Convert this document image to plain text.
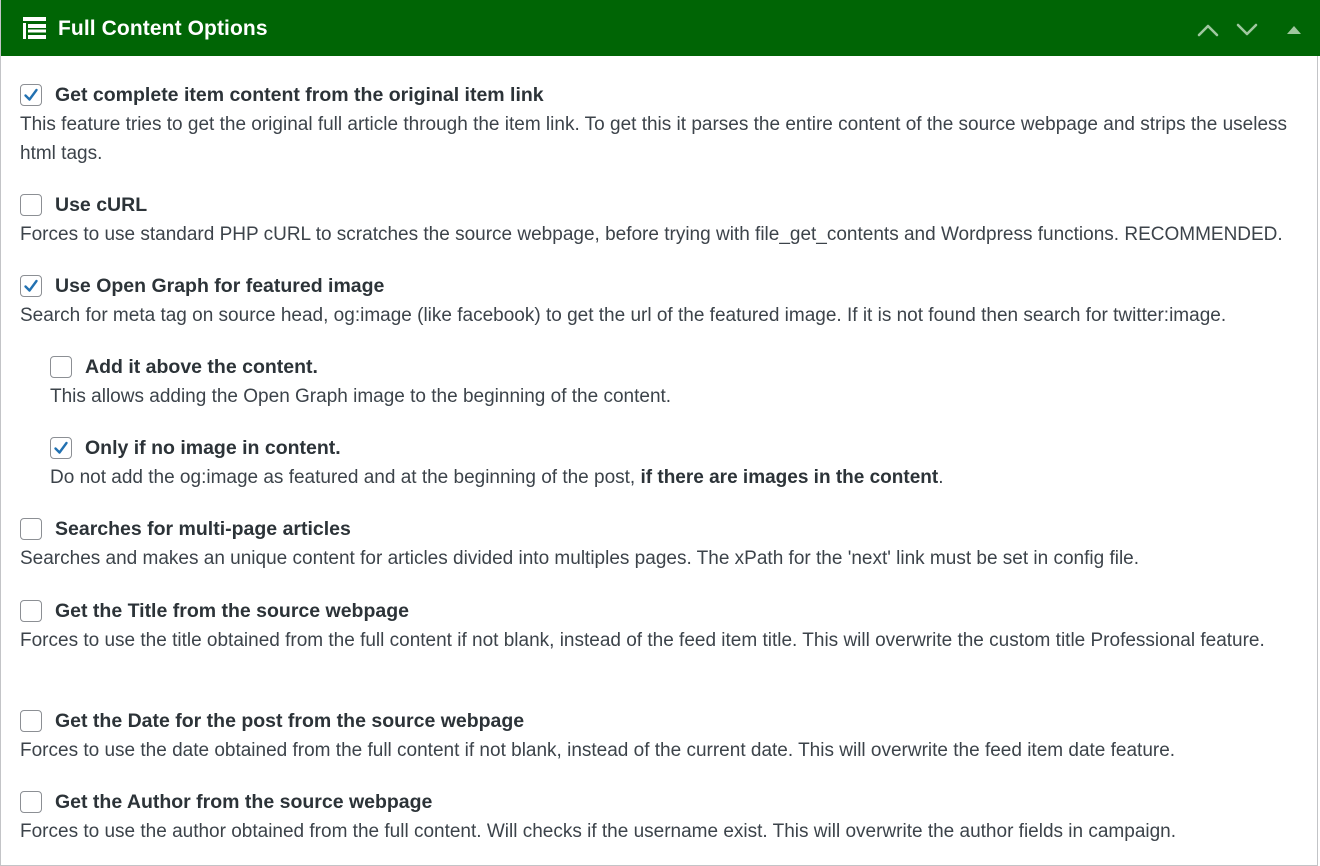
Full Content Options
Get complete item content from the original item link
This feature tries to get the original full article through the item link. To get this it parses the entire content of the source webpage and strips the useless html tags.
Use cURL
Forces to use standard PHP cURL to scratches the source webpage, before trying with file_get_contents and Wordpress functions. RECOMMENDED.
Use Open Graph for featured image
Search for meta tag on source head, og:image (like facebook) to get the url of the featured image. If it is not found then search for twitter:image.
Add it above the content.
This allows adding the Open Graph image to the beginning of the content.
Only if no image in content.
Do not add the og:image as featured and at the beginning of the post, if there are images in the content.
Searches for multi-page articles
Searches and makes an unique content for articles divided into multiples pages. The xPath for the 'next' link must be set in config file.
Get the Title from the source webpage
Forces to use the title obtained from the full content if not blank, instead of the feed item title. This will overwrite the custom title Professional feature.
Get the Date for the post from the source webpage
Forces to use the date obtained from the full content if not blank, instead of the current date. This will overwrite the feed item date feature.
Get the Author from the source webpage
Forces to use the author obtained from the full content. Will checks if the username exist. This will overwrite the author fields in campaign.
